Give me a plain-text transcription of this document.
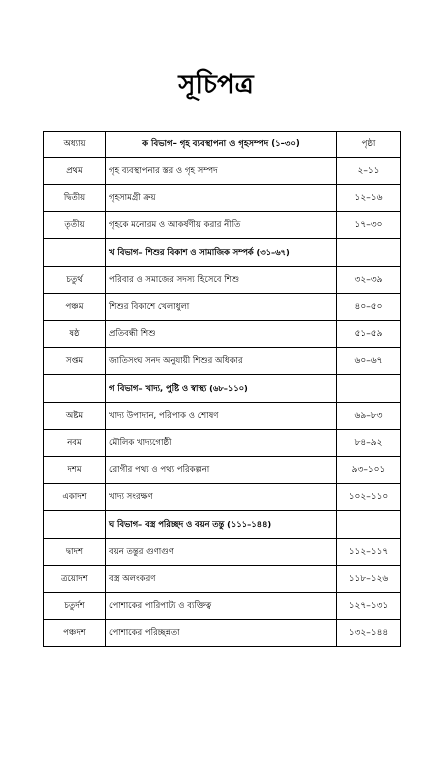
সূচিপত্র
অধ্যায়	ক বিভাগ– গৃহ ব্যবস্থাপনা ও গৃহসম্পদ (১–৩০)	পৃষ্ঠা
প্রথম	গৃহ ব্যবস্থাপনার স্তর ও গৃহ সম্পদ	২–১১
দ্বিতীয়	গৃহসামগ্রী ক্রয়	১২–১৬
তৃতীয়	গৃহকে মনোরম ও আকর্ষণীয় করার নীতি	১৭–৩০
	খ বিভাগ– শিশুর বিকাশ ও সামাজিক সম্পর্ক (৩১–৬৭)	
চতুর্থ	পরিবার ও সমাজের সদস্য হিসেবে শিশু	৩২–৩৯
পঞ্চম	শিশুর বিকাশে খেলাধুলা	৪০–৫০
ষষ্ঠ	প্রতিবন্ধী শিশু	৫১–৫৯
সপ্তম	জাতিসংঘ সনদ অনুযায়ী শিশুর অধিকার	৬০–৬৭
	গ বিভাগ– খাদ্য, পুষ্টি ও স্বাস্থ্য (৬৮–১১০)	
অষ্টম	খাদ্য উপাদান, পরিপাক ও শোষণ	৬৯–৮৩
নবম	মৌলিক খাদ্যগোষ্ঠী	৮৪–৯২
দশম	রোগীর পথ্য ও পথ্য পরিকল্পনা	৯৩–১০১
একাদশ	খাদ্য সংরক্ষণ	১০২–১১০
	ঘ বিভাগ– বস্ত্র পরিচ্ছদ ও বয়ন তন্তু (১১১–১৪৪)	
দ্বাদশ	বয়ন তন্তুর গুণাগুণ	১১২–১১৭
ত্রয়োদশ	বস্ত্র অলংকরণ	১১৮–১২৬
চতুর্দশ	পোশাকের পারিপাট্য ও ব্যক্তিত্ব	১২৭–১৩১
পঞ্চদশ	পোশাকের পরিচ্ছন্নতা	১৩২–১৪৪
